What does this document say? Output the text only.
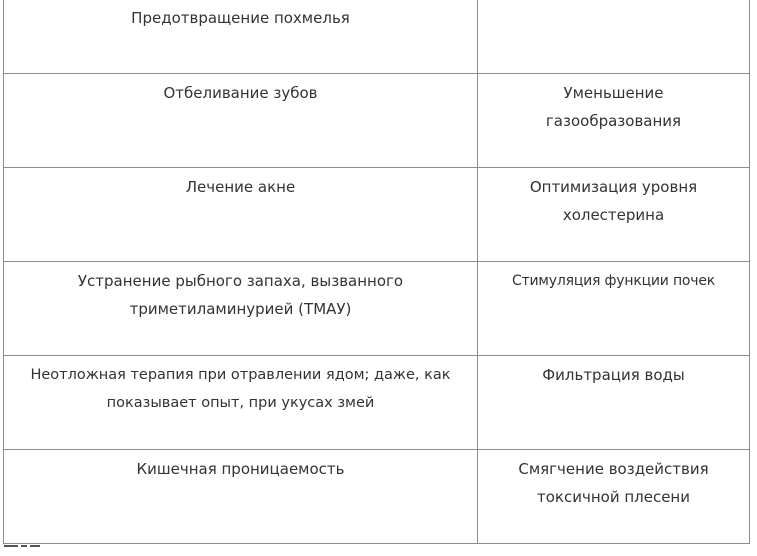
Предотвращение похмелья	
Отбеливание зубов	Уменьшение газообразования
Лечение акне	Оптимизация уровня холестерина
Устранение рыбного запаха, вызванного триметиламинурией (ТМАУ)	Стимуляция функции почек
Неотложная терапия при отравлении ядом; даже, как показывает опыт, при укусах змей	Фильтрация воды
Кишечная проницаемость	Смягчение воздействия токсичной плесени
